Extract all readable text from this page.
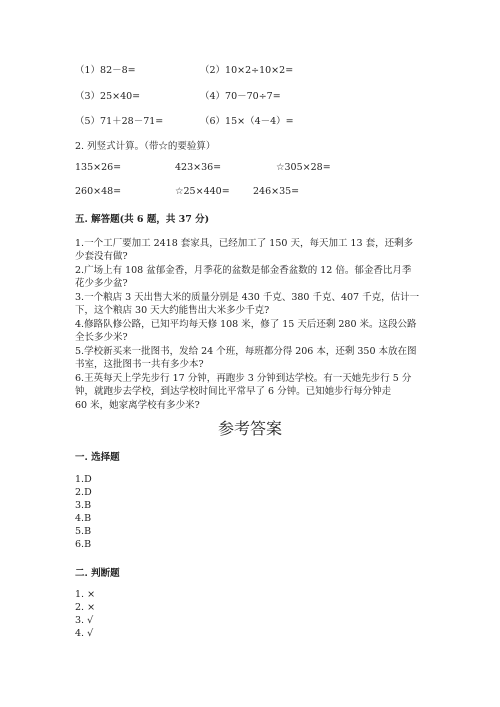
（1）82－8=	（2）10×2÷10×2=
（3）25×40=	（4）70－70÷7=
（5）71＋28－71=	（6）15×（4－4）=
2. 列竖式计算。（带☆的要验算）
135×26=	423×36=	☆305×28=
260×48=	☆25×440= 246×35=
五. 解答题(共 6 题，共 37 分)
1.一个工厂要加工 2418 套家具，已经加工了 150 天，每天加工 13 套，还剩多
少套没有做?
2.广场上有 108 盆郁金香，月季花的盆数是郁金香盆数的 12 倍。郁金香比月季
花少多少盆?
3.一个粮店 3 天出售大米的质量分别是 430 千克、380 千克、407 千克，估计一
下，这个粮店 30 天大约能售出大米多少千克?
4.修路队修公路，已知平均每天修 108 米，修了 15 天后还剩 280 米。这段公路
全长多少米?
5.学校新买来一批图书，发给 24 个班，每班都分得 206 本，还剩 350 本放在图
书室，这批图书一共有多少本?
6.王英每天上学先步行 17 分钟，再跑步 3 分钟到达学校。有一天她先步行 5 分
钟，就跑步去学校，到达学校时间比平常早了 6 分钟。已知她步行每分钟走
60 米，她家离学校有多少米?
参考答案
一. 选择题
1.D
2.D
3.B
4.B
5.B
6.B
二. 判断题
1. ×
2. ×
3. √
4. √
